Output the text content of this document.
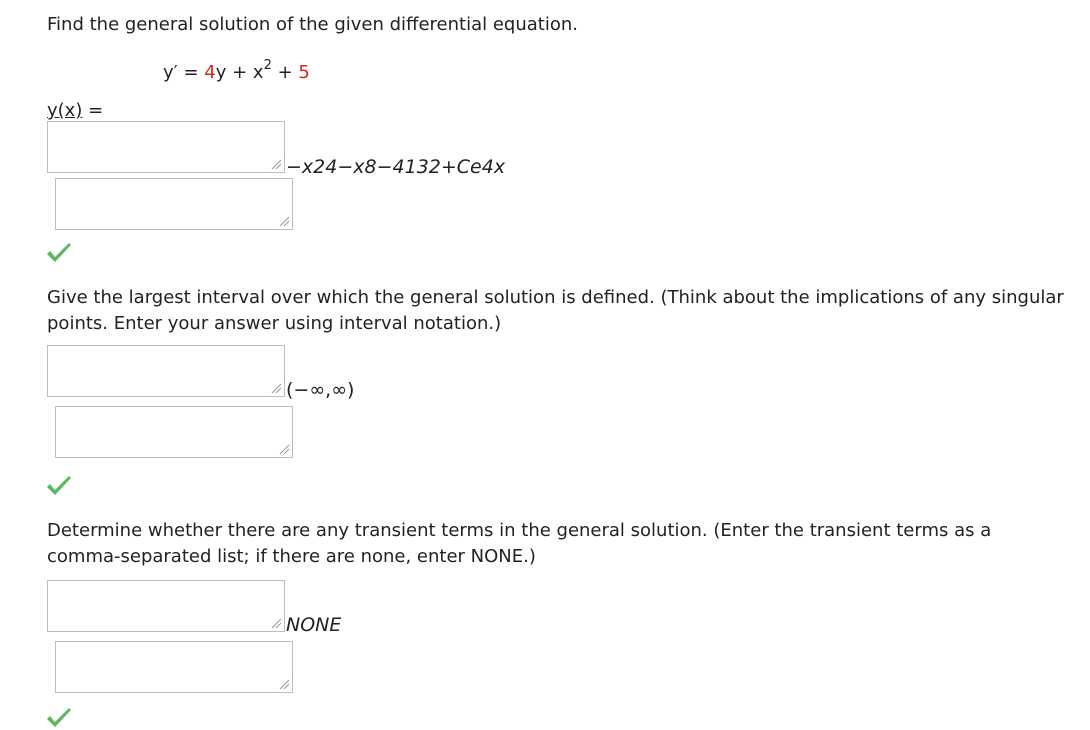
Find the general solution of the given differential equation.
$y' = 4y + x^2 + 5$
y(x) =
−x24−x8−4132+Ce4x
Give the largest interval over which the general solution is defined. (Think about the implications of any singular points. Enter your answer using interval notation.)
(−∞,∞)
Determine whether there are any transient terms in the general solution. (Enter the transient terms as a comma-separated list; if there are none, enter NONE.)
NONE
